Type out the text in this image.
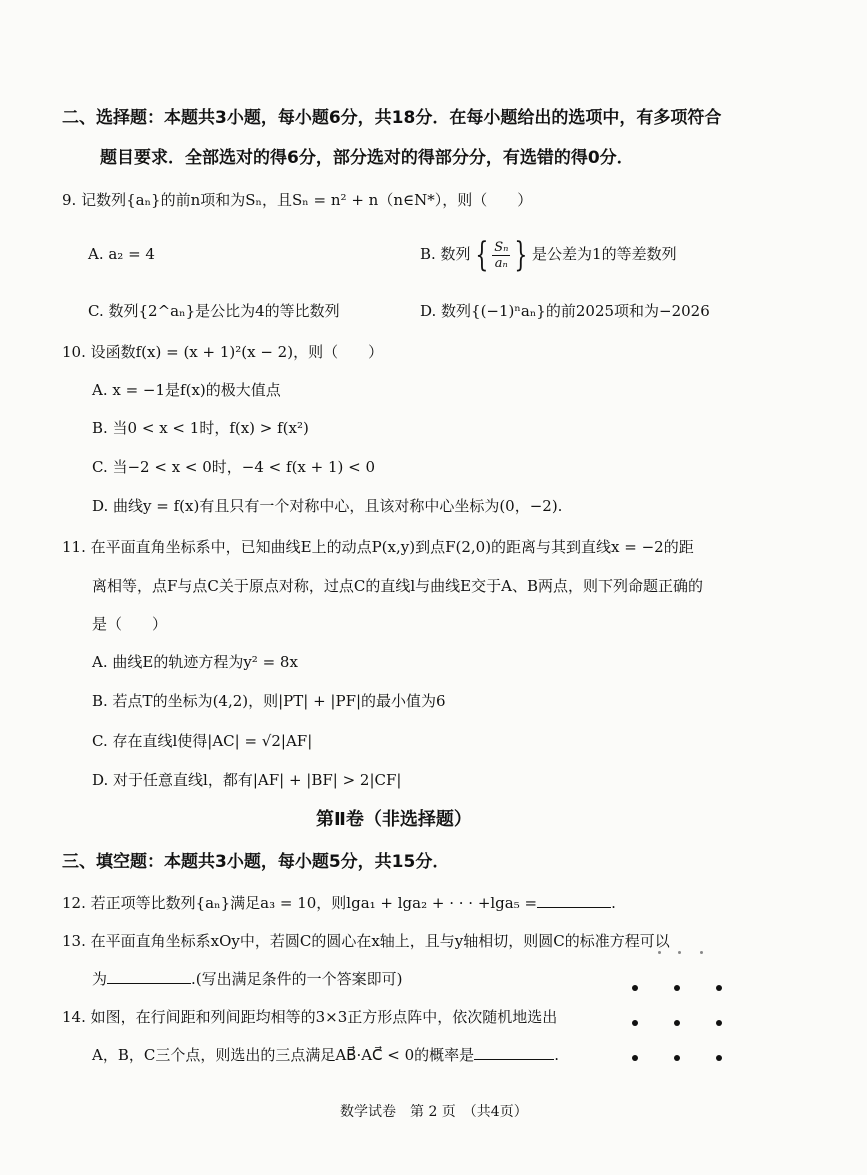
二、选择题：本题共3小题，每小题6分，共18分．在每小题给出的选项中，有多项符合
题目要求．全部选对的得6分，部分选对的得部分分，有选错的得0分．
9. 记数列{aₙ}的前n项和为Sₙ，且Sₙ = n² + n（n∈N*），则（　　）
A. a₂ = 4	B. 数列 { $\frac{\text{Sₙ}}{\text{aₙ}}$ } 是公差为1的等差数列
C. 数列{2^aₙ}是公比为4的等比数列	D. 数列{(−1)ⁿaₙ}的前2025项和为−2026
10. 设函数f(x) = (x + 1)²(x − 2)，则（　　）
A. x = −1是f(x)的极大值点
B. 当0 < x < 1时，f(x) > f(x²)
C. 当−2 < x < 0时，−4 < f(x + 1) < 0
D. 曲线y = f(x)有且只有一个对称中心，且该对称中心坐标为(0，−2).
11. 在平面直角坐标系中，已知曲线E上的动点P(x,y)到点F(2,0)的距离与其到直线x = −2的距
离相等，点F与点C关于原点对称，过点C的直线l与曲线E交于A、B两点，则下列命题正确的
是（　　）
A. 曲线E的轨迹方程为y² = 8x
B. 若点T的坐标为(4,2)，则|PT| + |PF|的最小值为6
C. 存在直线l使得|AC| = √2|AF|
D. 对于任意直线l，都有|AF| + |BF| > 2|CF|
第Ⅱ卷（非选择题）
三、填空题：本题共3小题，每小题5分，共15分．
12. 若正项等比数列{aₙ}满足a₃ = 10，则lga₁ + lga₂ + · · · +lga₅ =	.
13. 在平面直角坐标系xOy中，若圆C的圆心在x轴上，且与y轴相切，则圆C的标准方程可以
为	.(写出满足条件的一个答案即可)
14. 如图，在行间距和列间距均相等的3×3正方形点阵中，依次随机地选出
A，B，C三个点，则选出的三点满足AB⃗·AC⃗ < 0的概率是	.
数学试卷　第 2 页　（共4页）
